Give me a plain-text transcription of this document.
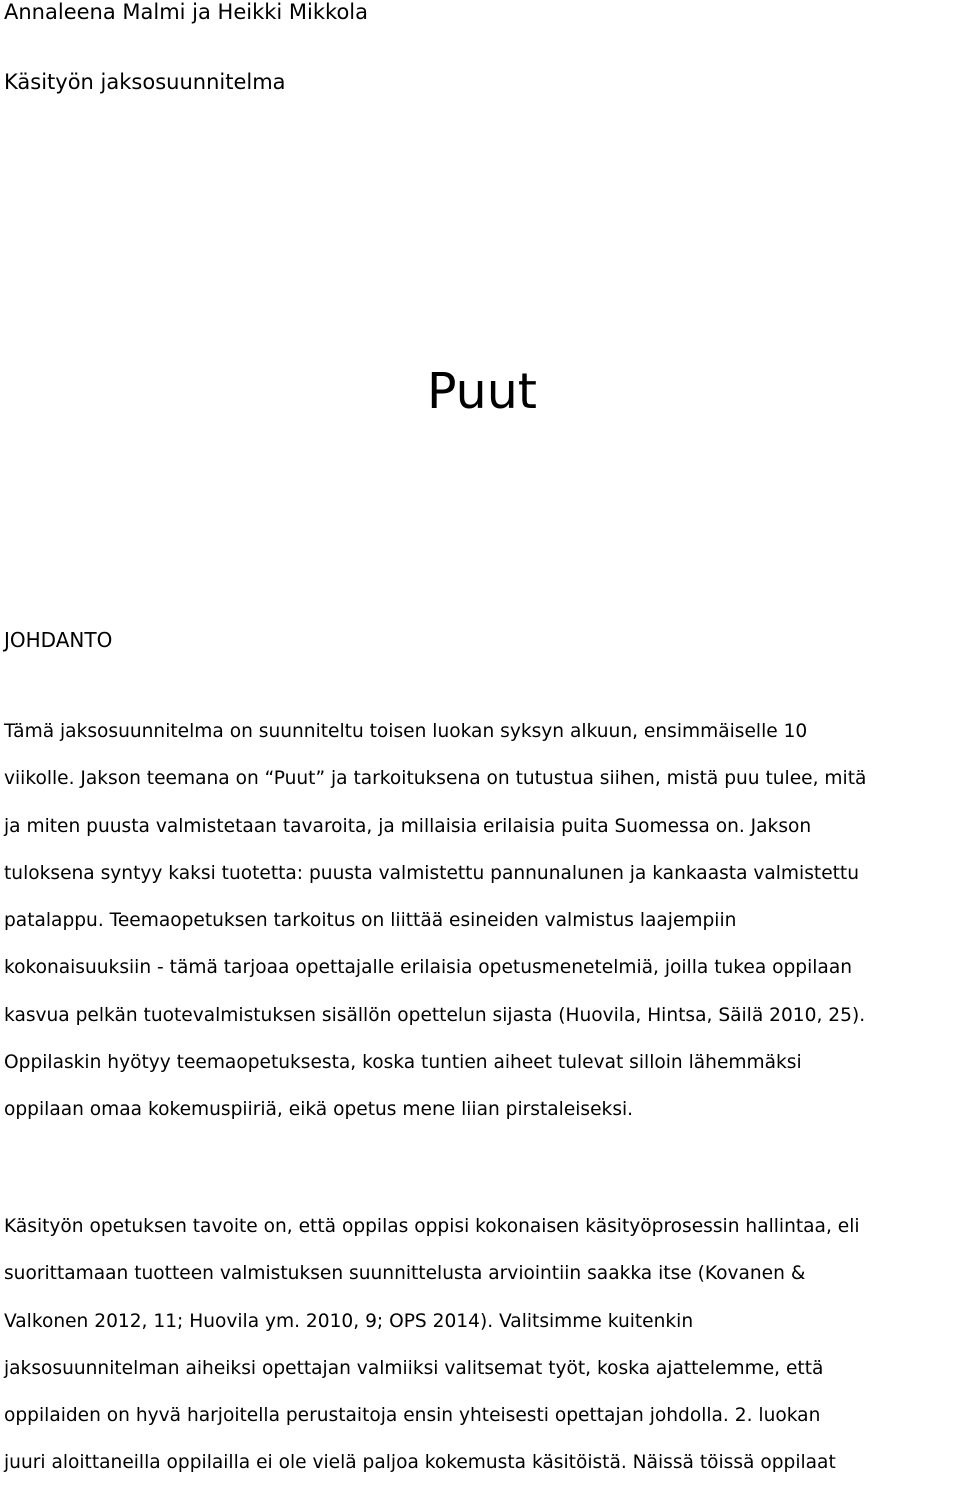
Annaleena Malmi ja Heikki Mikkola

Käsityön jaksosuunnitelma

Puut
JOHDANTO
Tämä jaksosuunnitelma on suunniteltu toisen luokan syksyn alkuun, ensimmäiselle 10
viikolle. Jakson teemana on “Puut” ja tarkoituksena on tutustua siihen, mistä puu tulee, mitä
ja miten puusta valmistetaan tavaroita, ja millaisia erilaisia puita Suomessa on. Jakson
tuloksena syntyy kaksi tuotetta: puusta valmistettu pannunalunen ja kankaasta valmistettu
patalappu. Teemaopetuksen tarkoitus on liittää esineiden valmistus laajempiin
kokonaisuuksiin - tämä tarjoaa opettajalle erilaisia opetusmenetelmiä, joilla tukea oppilaan
kasvua pelkän tuotevalmistuksen sisällön opettelun sijasta (Huovila, Hintsa, Säilä 2010, 25).
Oppilaskin hyötyy teemaopetuksesta, koska tuntien aiheet tulevat silloin lähemmäksi
oppilaan omaa kokemuspiiriä, eikä opetus mene liian pirstaleiseksi.
Käsityön opetuksen tavoite on, että oppilas oppisi kokonaisen käsityöprosessin hallintaa, eli
suorittamaan tuotteen valmistuksen suunnittelusta arviointiin saakka itse (Kovanen &
Valkonen 2012, 11; Huovila ym. 2010, 9; OPS 2014). Valitsimme kuitenkin
jaksosuunnitelman aiheiksi opettajan valmiiksi valitsemat työt, koska ajattelemme, että
oppilaiden on hyvä harjoitella perustaitoja ensin yhteisesti opettajan johdolla. 2. luokan
juuri aloittaneilla oppilailla ei ole vielä paljoa kokemusta käsitöistä. Näissä töissä oppilaat
